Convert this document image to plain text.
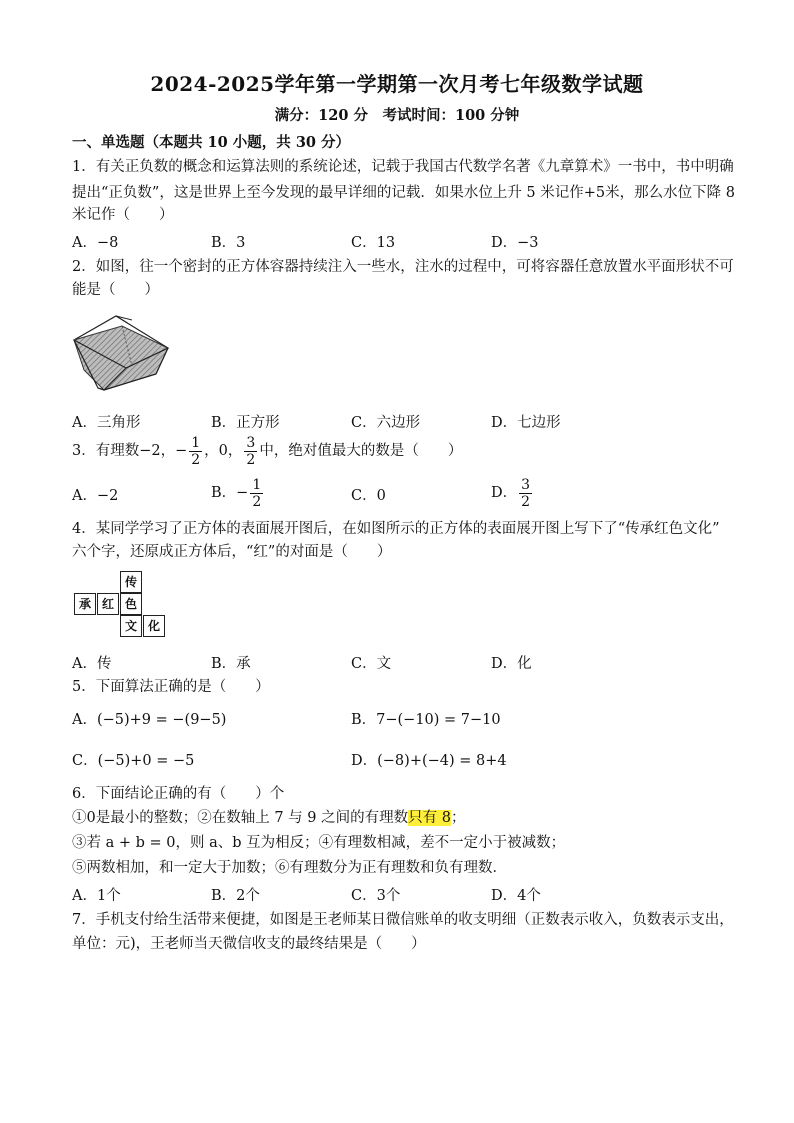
2024-2025学年第一学期第一次月考七年级数学试题
满分：120 分　考试时间：100 分钟
一、单选题（本题共 10 小题，共 30 分）
1．有关正负数的概念和运算法则的系统论述，记载于我国古代数学名著《九章算术》一书中，书中明确
提出“正负数”，这是世界上至今发现的最早详细的记载．如果水位上升 5 米记作+5米，那么水位下降 8
米记作（　　）
A．−8	B．3	C．13	D．−3
2．如图，往一个密封的正方体容器持续注入一些水，注水的过程中，可将容器任意放置水平面形状不可
能是（　　）
A．三角形	B．正方形	C．六边形	D．七边形
3．有理数−2，− $\frac{1}{2}$ ，0， $\frac{3}{2}$ 中，绝对值最大的数是（　　）
A．−2	B．− $\frac{1}{2}$	C．0	D． $\frac{3}{2}$
4．某同学学习了正方体的表面展开图后，在如图所示的正方体的表面展开图上写下了“传承红色文化”
六个字，还原成正方体后，“红”的对面是（　　）
传
承 红 色
文 化
A．传	B．承	C．文	D．化
5．下面算法正确的是（　　）
A．(−5)+9 = −(9−5)	B．7−(−10) = 7−10
C．(−5)+0 = −5	D．(−8)+(−4) = 8+4
6．下面结论正确的有（　　）个
①0是最小的整数；②在数轴上 7 与 9 之间的有理数只有 8；
③若 a + b = 0，则 a、b 互为相反；④有理数相减，差不一定小于被减数；
⑤两数相加，和一定大于加数；⑥有理数分为正有理数和负有理数．
A．1个	B．2个	C．3个	D．4个
7．手机支付给生活带来便捷，如图是王老师某日微信账单的收支明细（正数表示收入，负数表示支出，
单位：元)，王老师当天微信收支的最终结果是（　　）
